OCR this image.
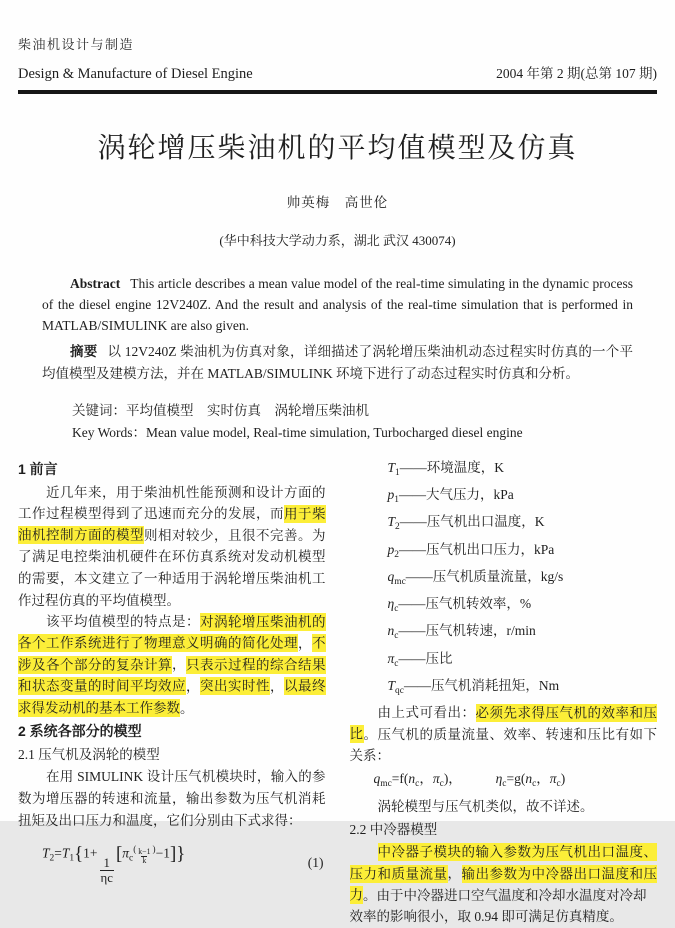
柴油机设计与制造
Design & Manufacture of Diesel Engine	2004 年第 2 期(总第 107 期)
涡轮增压柴油机的平均值模型及仿真
帅英梅　高世伦
(华中科技大学动力系，湖北 武汉 430074)
Abstract This article describes a mean value model of the real-time simulating in the dynamic process of the diesel engine 12V240Z. And the result and analysis of the real-time simulation that is performed in MATLAB/SIMULINK are also given.
摘要 以 12V240Z 柴油机为仿真对象，详细描述了涡轮增压柴油机动态过程实时仿真的一个平均值模型及建模方法，并在 MATLAB/SIMULINK 环境下进行了动态过程实时仿真和分析。
关键词：平均值模型　实时仿真　涡轮增压柴油机
Key Words：Mean value model, Real-time simulation, Turbocharged diesel engine
1 前言

近几年来，用于柴油机性能预测和设计方面的工作过程模型得到了迅速而充分的发展，而用于柴油机控制方面的模型则相对较少，且很不完善。为了满足电控柴油机硬件在环仿真系统对发动机模型的需要，本文建立了一种适用于涡轮增压柴油机工作过程仿真的平均值模型。

该平均值模型的特点是：对涡轮增压柴油机的各个工作系统进行了物理意义明确的简化处理，不涉及各个部分的复杂计算，只表示过程的综合结果和状态变量的时间平均效应，突出实时性，以最终求得发动机的基本工作参数。

2 系统各部分的模型
2.1 压气机及涡轮的模型

在用 SIMULINK 设计压气机模块时，输入的参数为增压器的转速和流量，输出参数为压气机消耗扭矩及出口压力和温度，它们分别由下式求得：

$T_2=T_1\{1+$
$\frac{1}{\eta c}$
$[\pi_c^( \frac{k-1}{k} ^)-1]$}	(1)
$T_1——$环境温度，K
$p_1——$大气压力，kPa
$T_2——$压气机出口温度，K
$p_2——$压气机出口压力，kPa
$q_{mc}——$压气机质量流量，kg/s
$\eta_c——$压气机转效率，%
$n_c——$压气机转速，r/min
$\pi_c——$压比
$T_{qc}——$压气机消耗扭矩，Nm

由上式可看出：必须先求得压气机的效率和压比。压气机的质量流量、效率、转速和压比有如下关系：

$q_{mc}=f(n_c$，$\pi_c$)，　　　	$\eta_c=g(n_c$，$\pi_c$)

涡轮模型与压气机类似，故不详述。

2.2 中冷器模型

中冷器子模块的输入参数为压气机出口温度、压力和质量流量，输出参数为中冷器出口温度和压力。由于中冷器进口空气温度和冷却水温度对冷却

效率的影响很小，取 0.94 即可满足仿真精度。
